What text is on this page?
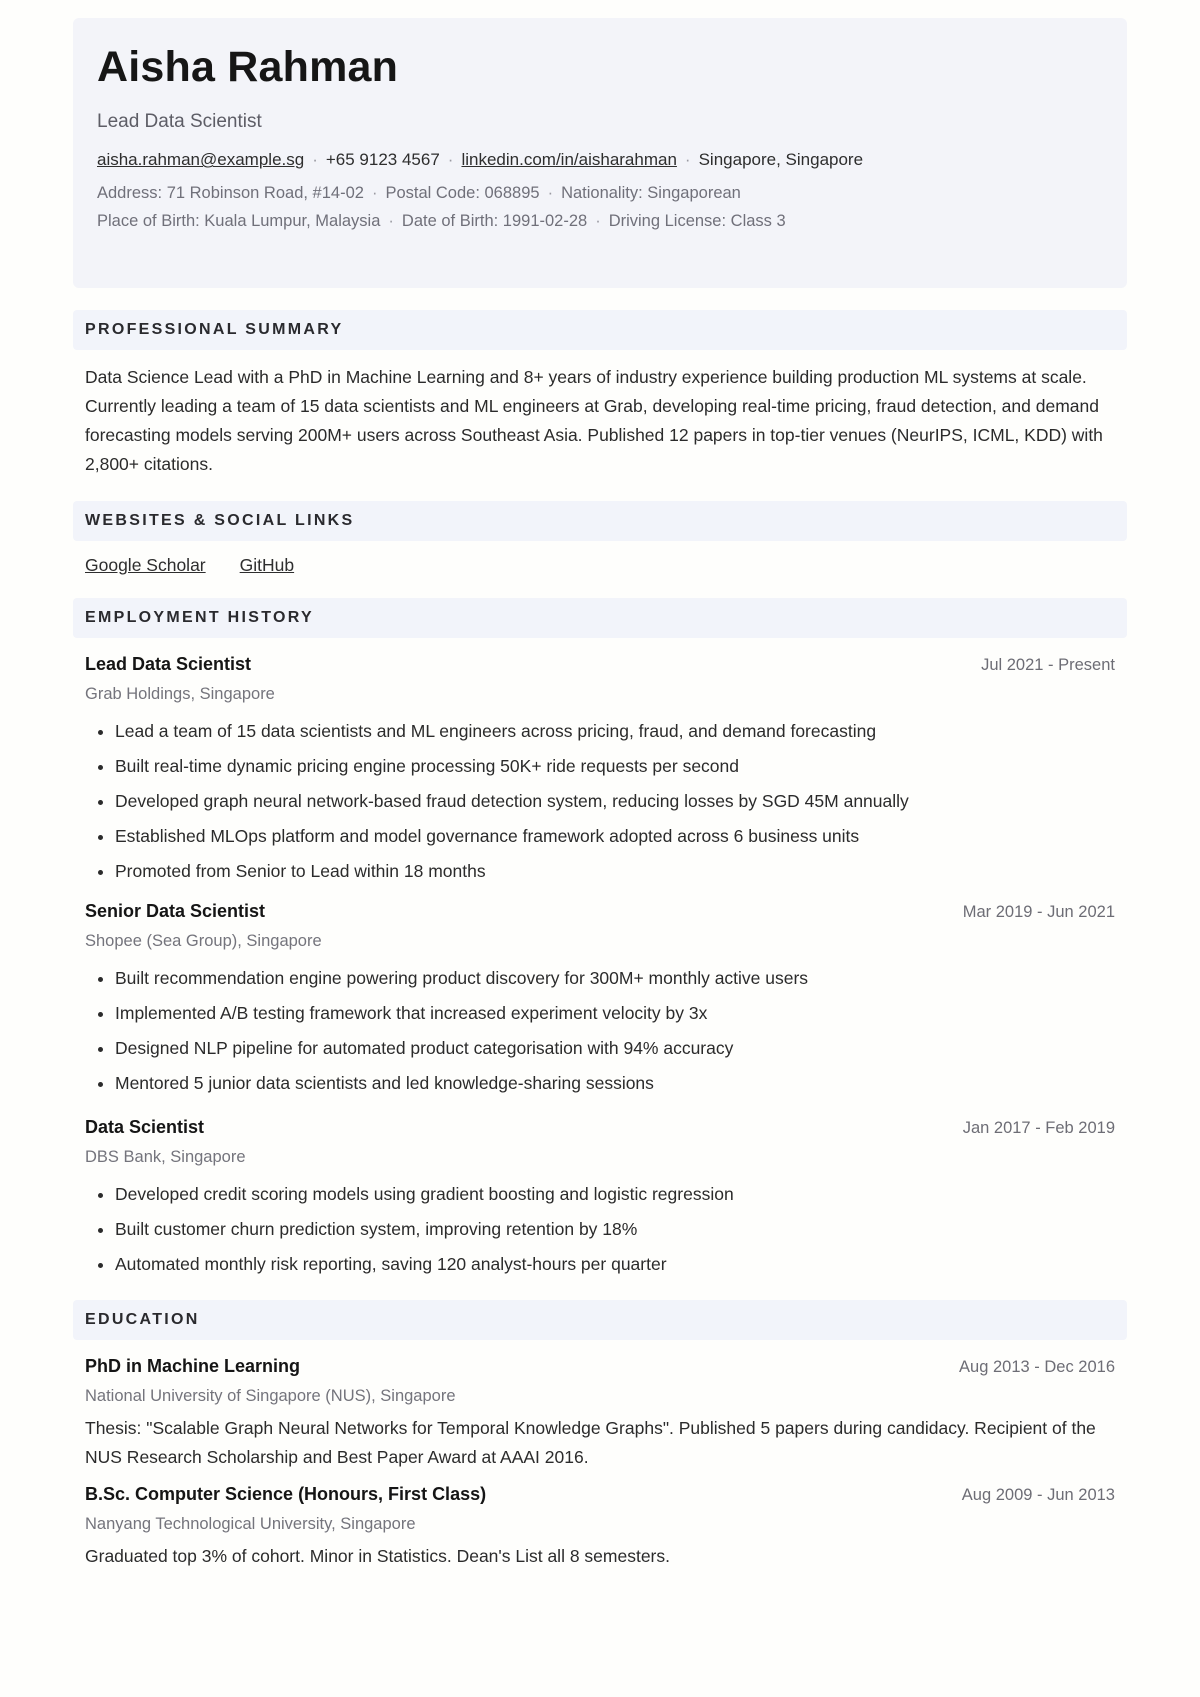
Aisha Rahman
Lead Data Scientist
aisha.rahman@example.sg · +65 9123 4567 · linkedin.com/in/aisharahman · Singapore, Singapore
Address: 71 Robinson Road, #14-02 · Postal Code: 068895 · Nationality: Singaporean
Place of Birth: Kuala Lumpur, Malaysia · Date of Birth: 1991-02-28 · Driving License: Class 3
PROFESSIONAL SUMMARY

Data Science Lead with a PhD in Machine Learning and 8+ years of industry experience building production ML systems at scale. Currently leading a team of 15 data scientists and ML engineers at Grab, developing real-time pricing, fraud detection, and demand forecasting models serving 200M+ users across Southeast Asia. Published 12 papers in top-tier venues (NeurIPS, ICML, KDD) with 2,800+ citations.

WEBSITES & SOCIAL LINKS
Google Scholar GitHub
EMPLOYMENT HISTORY
Lead Data Scientist	Jul 2021 - Present
Grab Holdings, Singapore
• Lead a team of 15 data scientists and ML engineers across pricing, fraud, and demand forecasting
• Built real-time dynamic pricing engine processing 50K+ ride requests per second
• Developed graph neural network-based fraud detection system, reducing losses by SGD 45M annually
• Established MLOps platform and model governance framework adopted across 6 business units
• Promoted from Senior to Lead within 18 months
Senior Data Scientist	Mar 2019 - Jun 2021
Shopee (Sea Group), Singapore
• Built recommendation engine powering product discovery for 300M+ monthly active users
• Implemented A/B testing framework that increased experiment velocity by 3x
• Designed NLP pipeline for automated product categorisation with 94% accuracy
• Mentored 5 junior data scientists and led knowledge-sharing sessions
Data Scientist	Jan 2017 - Feb 2019
DBS Bank, Singapore
• Developed credit scoring models using gradient boosting and logistic regression
• Built customer churn prediction system, improving retention by 18%
• Automated monthly risk reporting, saving 120 analyst-hours per quarter
EDUCATION
PhD in Machine Learning	Aug 2013 - Dec 2016
National University of Singapore (NUS), Singapore
Thesis: "Scalable Graph Neural Networks for Temporal Knowledge Graphs". Published 5 papers during candidacy. Recipient of the NUS Research Scholarship and Best Paper Award at AAAI 2016.
B.Sc. Computer Science (Honours, First Class)	Aug 2009 - Jun 2013
Nanyang Technological University, Singapore
Graduated top 3% of cohort. Minor in Statistics. Dean's List all 8 semesters.
